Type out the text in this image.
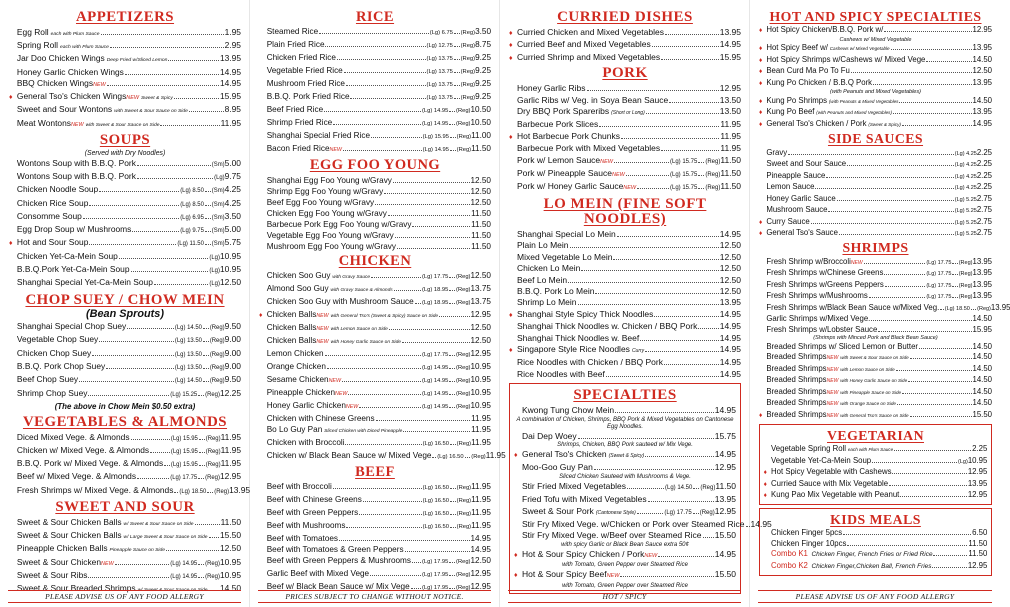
APPETIZERS
Egg Roll each with Plum Sauce	1.95
Spring Roll each with Plum Sauce	2.95
Jar Doo Chicken Wings Deep Fried w/Sliced Lemon	13.95
Honey Garlic Chicken Wings	14.95
BBQ Chicken Wings NEW	14.95
♦ General Tso's Chicken Wings NEW Sweet & Spicy	15.95
Sweet and Sour Wontons with Sweet & Sour Sauce on Side	8.95
Meat Wontons NEW with Sweet & Sour Sauce on Side	11.95
SOUPS
(Served with Dry Noodles)
Wontons Soup with B.B.Q. Pork	(Sm) 5.00
Wontons Soup with B.B.Q. Pork	(Lg) 9.75
Chicken Noodle Soup	(Lg) 8.50 (Sm) 4.25
Chicken Rice Soup	(Lg) 8.50 (Sm) 4.25
Consomme Soup	(Lg) 6.95 (Sm) 3.50
Egg Drop Soup w/ Mushrooms	(Lg) 9.75 (Sm) 5.00
♦ Hot and Sour Soup	(Lg) 11.50 (Sm) 5.75
Chicken Yet-Ca-Mein Soup	(Lg) 10.95
B.B.Q.Pork Yet-Ca-Mein Soup	(Lg) 10.95
Shanghai Special Yet-Ca-Mein Soup	(Lg) 12.50
CHOP SUEY / CHOW MEIN
(Bean Sprouts)
Shanghai Special Chop Suey	(Lg) 14.50 (Reg) 9.50
Vegetable Chop Suey	(Lg) 13.50 (Reg) 9.00
Chicken Chop Suey	(Lg) 13.50 (Reg) 9.00
B.B.Q. Pork Chop Suey	(Lg) 13.50 (Reg) 9.00
Beef Chop Suey	(Lg) 14.50 (Reg) 9.50
Shrimp Chop Suey	(Lg) 15.25 (Reg) 12.25
(The above in Chow Mein $0.50 extra)
VEGETABLES & ALMONDS
Diced Mixed Vege. & Almonds	(Lg) 15.95 (Reg) 11.95
Chicken w/ Mixed Vege. & Almonds	(Lg) 15.95 (Reg) 11.95
B.B.Q. Pork w/ Mixed Vege. & Almonds (Lg) 15.95 (Reg) 11.95
Beef w/ Mixed Vege. & Almonds	(Lg) 17.75 (Reg) 12.95
Fresh Shrimps w/ Mixed Vege. & Almonds (Lg) 18.50 (Reg) 13.95
SWEET AND SOUR
Sweet & Sour Chicken Balls w/ Sweet & Sour Sauce on Side	11.50
Sweet & Sour Chicken Balls w/ Large Sweet & Sour Sauce on Side 15.50
Pineapple Chicken Balls Pineapple Sauce on Side	12.50
Sweet & Sour Chicken NEW	(Lg) 14.95 (Reg) 10.95
Sweet & Sour Ribs	(Lg) 14.95 (Reg) 10.95
Sweet & Sour Breaded Shrimps w/ Sweet & Sour Sauce on Side 14.50
PLEASE ADVISE US OF ANY FOOD ALLERGY
RICE
Steamed Rice	(Lg) 6.75 (Reg) 3.50
Plain Fried Rice	(Lg) 12.75 (Reg) 8.75
Chicken Fried Rice	(Lg) 13.75 (Reg) 9.25
Vegetable Fried Rice	(Lg) 13.75 (Reg) 9.25
Mushroom Fried Rice	(Lg) 13.75 (Reg) 9.25
B.B.Q. Pork Fried Rice	(Lg) 13.75 (Reg) 9.25
Beef Fried Rice	(Lg) 14.95 (Reg) 10.50
Shrimp Fried Rice	(Lg) 14.95 (Reg) 10.50
Shanghai Special Fried Rice	(Lg) 15.95 (Reg) 11.00
Bacon Fried Rice NEW	(Lg) 14.95 (Reg) 11.50
EGG FOO YOUNG
Shanghai Egg Foo Young w/Gravy	12.50
Shrimp Egg Foo Young w/Gravy	12.50
Beef Egg Foo Young w/Gravy	12.50
Chicken Egg Foo Young w/Gravy	11.50
Barbecue Pork Egg Foo Young w/Gravy	11.50
Vegetable Egg Foo Young w/Gravy	11.50
Mushroom Egg Foo Young w/Gravy	11.50
CHICKEN
Chicken Soo Guy with Gravy Sauce	(Lg) 17.75 (Reg) 12.50
Almond Soo Guy with Gravy Sauce & Almonds	(Lg) 18.95 (Reg) 13.75
Chicken Soo Guy with Mushroom Sauce (Lg) 18.95 (Reg) 13.75
♦ Chicken Balls NEW with General Tso's (Sweet & Spicy) Sauce on Side	12.95
Chicken Balls NEW with Lemon Sauce on Side	12.50
Chicken Balls NEW with Honey Garlic Sauce on Side	12.50
Lemon Chicken	(Lg) 17.75 (Reg) 12.95
Orange Chicken	(Lg) 14.95 (Reg) 10.95
Sesame Chicken NEW	(Lg) 14.95 (Reg) 10.95
Pineapple Chicken NEW	(Lg) 14.95 (Reg) 10.95
Honey Garlic Chicken NEW	(Lg) 14.95 (Reg) 10.95
Chicken with Chinese Greens	11.95
Bo Lo Guy Pan Sliced Chicken with Diced Pineapple	11.95
Chicken with Broccoli	(Lg) 16.50 (Reg) 11.95
Chicken w/ Black Bean Sauce w/ Mixed Vege (Lg) 16.50 (Reg) 11.95
BEEF
Beef with Broccoli	(Lg) 16.50 (Reg) 11.95
Beef with Chinese Greens	(Lg) 16.50 (Reg) 11.95
Beef with Green Peppers	(Lg) 16.50 (Reg) 11.95
Beef with Mushrooms	(Lg) 16.50 (Reg) 11.95
Beef with Tomatoes	14.95
Beef with Tomatoes & Green Peppers	14.95
Beef with Green Peppers & Mushrooms (Lg) 17.95 (Reg) 12.50
Garlic Beef with Mixed Vege	(Lg) 17.95 (Reg) 12.95
Beef w/ Black Bean Sauce w/ Mix Vege (Lg) 17.95 (Reg) 12.95
PRICES SUBJECT TO CHANGE WITHOUT NOTICE.
CURRIED DISHES
♦ Curried Chicken and Mixed Vegetables	13.95
♦ Curried Beef and Mixed Vegetables	14.95
♦ Curried Shrimp and Mixed Vegetables	15.95
PORK
Honey Garlic Ribs	12.95
Garlic Ribs w/ Veg. in Soya Bean Sauce	13.50
Dry BBQ Pork Spareribs (Short or Long)	13.50
Barbecue Pork Slices	11.95
♦ Hot Barbecue Pork Chunks	11.95
Barbecue Pork with Mixed Vegetables	11.95
Pork w/ Lemon Sauce NEW	(Lg) 15.75 (Reg) 11.50
Pork w/ Pineapple Sauce NEW	(Lg) 15.75 (Reg) 11.50
Pork w/ Honey Garlic Sauce NEW	(Lg) 15.75 (Reg) 11.50
LO MEIN (FINE SOFT NOODLES)
Shanghai Special Lo Mein	14.95
Plain Lo Mein	12.50
Mixed Vegetable Lo Mein	12.50
Chicken Lo Mein	12.50
Beef Lo Mein	12.50
B.B.Q. Pork Lo Mein	12.50
Shrimp Lo Mein	13.95
♦ Shanghai Style Spicy Thick Noodles	14.95
Shanghai Thick Noodles w. Chicken / BBQ Pork	14.95
Shanghai Thick Noodles w. Beef	14.95
♦ Singapore Style Rice Noodles Curry	14.95
Rice Noodles with Chicken / BBQ Pork	14.95
Rice Noodles with Beef	14.95
SPECIALTIES
Kwong Tung Chow Mein	14.95
A combination of Chicken, Shrimps, BBQ Pork & Mixed Vegetables on Cantonese Egg Noodles.
Dai Dep Woey	15.75
Shrimps, Chicken, BBQ Pork sauteed w/ Mix Vege.
♦ General Tso's Chicken (Sweet & Spicy)	14.95
Moo-Goo Guy Pan	12.95
Sliced Chicken Sauteed with Mushrooms & Vege.
Stir Fried Mixed Vegetables	(Lg) 14.50 (Reg) 11.50
Fried Tofu with Mixed Vegetables	13.95
Sweet & Sour Pork (Cantonese Style)	(Lg) 17.75 (Reg) 12.95
Stir Fry Mixed Vege. w/Chicken or Pork over Steamed Rice 14.95
Stir Fry Mixed Vege. w/Beef over Steamed Rice 15.50
with spicy Garlic or Black Bean Sauce extra 50¢
♦ Hot & Sour Spicy Chicken / Pork NEW	14.95
with Tomato, Green Pepper over Steamed Rice
♦ Hot & Sour Spicy Beef NEW	15.50
with Tomato, Green Pepper over Steamed Rice
HOT / SPICY
HOT AND SPICY SPECIALTIES
♦ Hot Spicy Chicken/B.B.Q. Pork w/	12.95
Cashews w/ Mixed Vegetable
♦ Hot Spicy Beef w/ Cashews w/ Mixed Vegetable	13.95
♦ Hot Spicy Shrimps w/Cashews w/ Mixed Vege	14.50
♦ Bean Curd Ma Po To Fu	12.50
♦ Kung Po Chicken / B.B.Q Pork	13.95
(with Peanuts and Mixed Vegetables)
♦ Kung Po Shrimps (with Peanuts & Mixed Vegetables	14.50
♦ Kung Po Beef (with Peanuts and Mixed Vegetables)	13.95
♦ General Tso's Chicken / Pork (Sweet & Spicy)	14.95
SIDE SAUCES
Gravy	(Lg) 4.25 2.25
Sweet and Sour Sauce	(Lg) 4.25 2.25
Pineapple Sauce	(Lg) 4.25 2.25
Lemon Sauce	(Lg) 4.25 2.25
Honey Garlic Sauce	(Lg) 5.25 2.75
Mushroom Sauce	(Lg) 5.25 2.75
♦ Curry Sauce	(Lg) 5.25 2.75
♦ General Tso's Sauce	(Lg) 5.25 2.75
SHRIMPS
Fresh Shrimp w/Broccoli NEW	(Lg) 17.75 (Reg) 13.95
Fresh Shrimps w/Chinese Greens	(Lg) 17.75 (Reg) 13.95
Fresh Shrimps w/Greens Peppers	(Lg) 17.75 (Reg) 13.95
Fresh Shrimps w/Mushrooms	(Lg) 17.75 (Reg) 13.95
Fresh Shrimps w/Black Bean Sauce w/Mixed Veg. (Lg) 18.50 (Reg) 13.95
Garlic Shrimps w/Mixed Vege.	14.50
Fresh Shrimps w/Lobster Sauce	15.95
(Shrimps with Minced Pork and Black Bean Sauce)
Breaded Shrimps w/ Sliced Lemon or Butter	14.50
Breaded Shrimps NEW with Sweet & Sour Sauce on Side	14.50
Breaded Shrimps NEW with Lemon Sauce on Side	14.50
Breaded Shrimps NEW with Honey Garlic Sauce on Side	14.50
Breaded Shrimps NEW with Pineapple Sauce on Side	14.50
Breaded Shrimps NEW with Orange Sauce on Side	14.50
♦ Breaded Shrimps NEW with General Tso's Sauce on Side	15.50
VEGETARIAN
Vegetable Spring Roll each with Plum Sauce	2.25
Vegetable Yet-Ca-Mein Soup	(Lg) 10.95
♦ Hot Spicy Vegetable with Cashews	12.95
♦ Curried Sauce with Mix Vegetable	13.95
♦ Kung Pao Mix Vegetable with Peanut	12.95
KIDS MEALS
Chicken Finger 5pcs	6.50
Chicken Finger 10pcs	11.50
Combo K1 Chicken Finger, French Fries or Fried Rice	11.50
Combo K2 Chicken Finger,Chicken Ball, French Fries	12.95
PLEASE ADVISE US OF ANY FOOD ALLERGY
